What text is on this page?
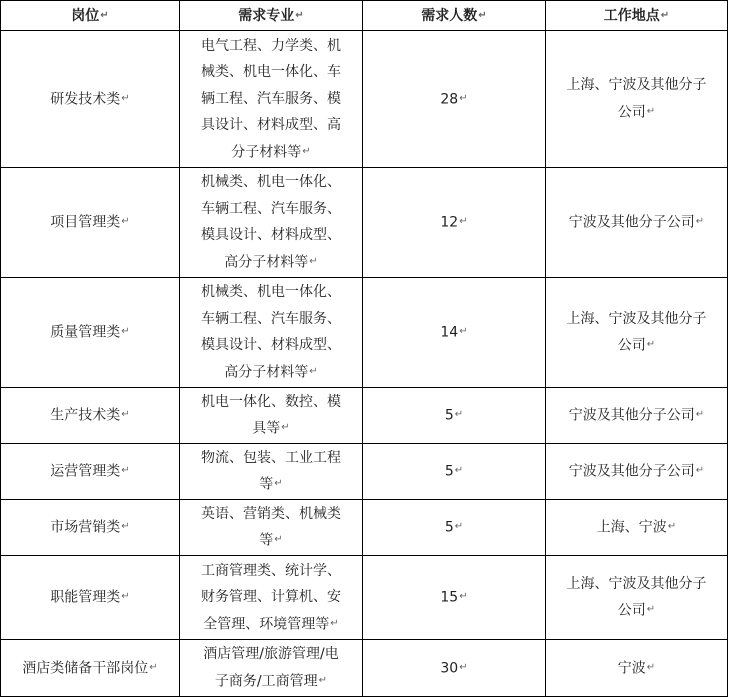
岗位↵	需求专业↵	需求人数↵	工作地点↵
研发技术类↵	电气工程、力学类、机
械类、机电一体化、车
辆工程、汽车服务、模
具设计、材料成型、高
分子材料等↵	28↵	上海、宁波及其他分子
公司↵

项目管理类↵	机械类、机电一体化、
车辆工程、汽车服务、
模具设计、材料成型、
高分子材料等↵	12↵	宁波及其他分子公司↵

质量管理类↵	机械类、机电一体化、
车辆工程、汽车服务、
模具设计、材料成型、
高分子材料等↵	14↵	上海、宁波及其他分子
公司↵

生产技术类↵	机电一体化、数控、模
具等↵	5↵	宁波及其他分子公司↵

运营管理类↵	物流、包装、工业工程
等↵	5↵	宁波及其他分子公司↵

市场营销类↵	英语、营销类、机械类
等↵	5↵	上海、宁波↵

职能管理类↵	工商管理类、统计学、
财务管理、计算机、安
全管理、环境管理等↵	15↵	上海、宁波及其他分子
公司↵

酒店类储备干部岗位↵	酒店管理/旅游管理/电
子商务/工商管理↵	30↵	宁波↵
